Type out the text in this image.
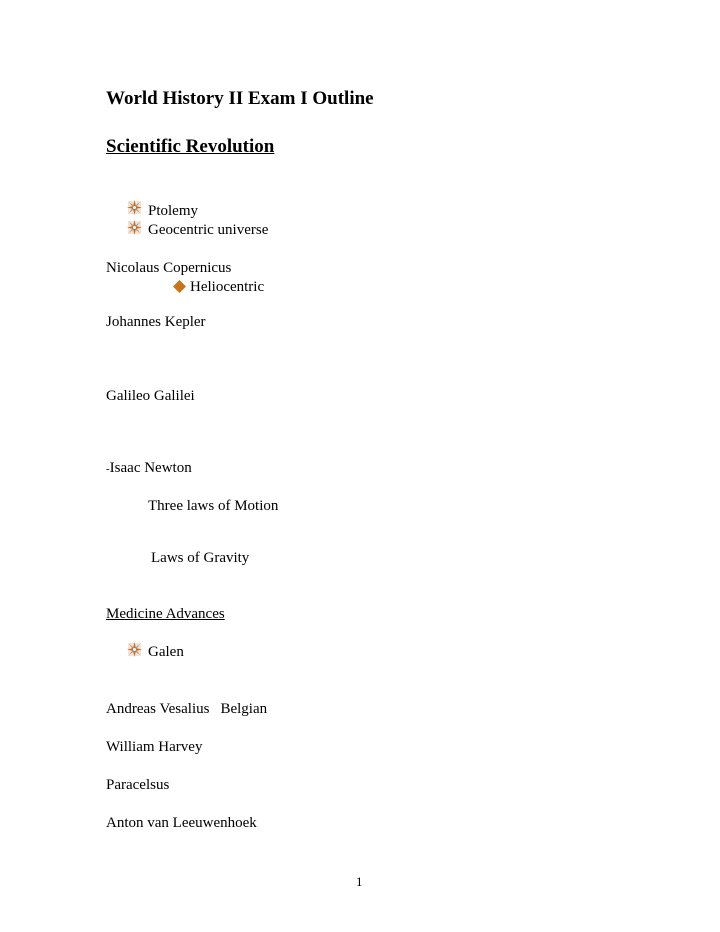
World History II Exam I Outline
Scientific Revolution
Ptolemy
Geocentric universe
Nicolaus Copernicus
Heliocentric
Johannes Kepler
Galileo Galilei
-Isaac Newton
Three laws of Motion
Laws of Gravity
Medicine Advances
Galen
Andreas Vesalius Belgian
William Harvey
Paracelsus
Anton van Leeuwenhoek
1
